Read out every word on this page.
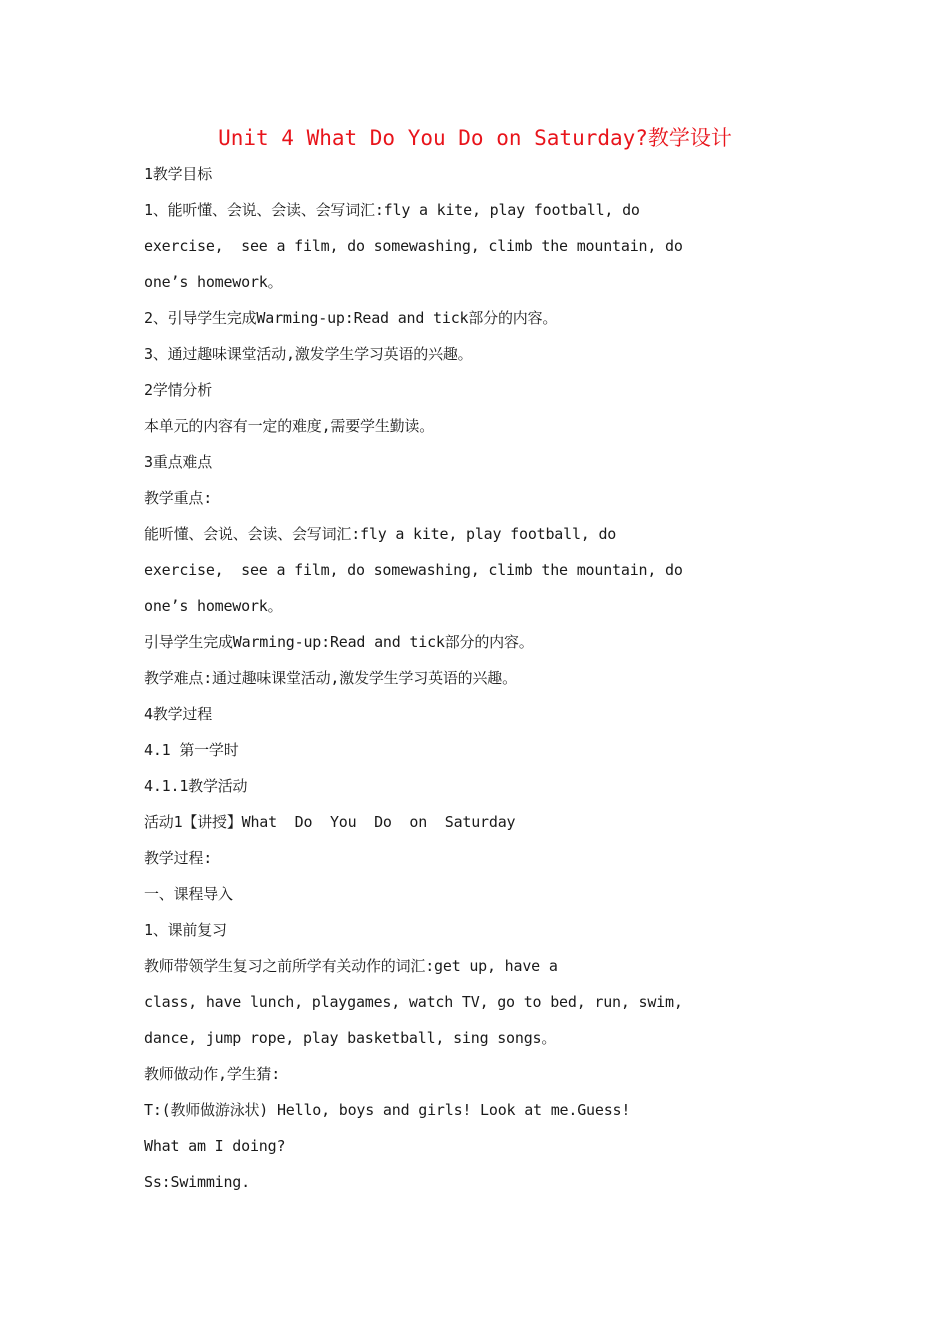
Unit 4 What Do You Do on Saturday?教学设计
1教学目标
1、能听懂、会说、会读、会写词汇:fly a kite, play football, do
exercise,  see a film, do somewashing, climb the mountain, do
one’s homework。
2、引导学生完成Warming-up:Read and tick部分的内容。
3、通过趣味课堂活动,激发学生学习英语的兴趣。
2学情分析
本单元的内容有一定的难度,需要学生勤读。
3重点难点
教学重点:
能听懂、会说、会读、会写词汇:fly a kite, play football, do
exercise,  see a film, do somewashing, climb the mountain, do
one’s homework。
引导学生完成Warming-up:Read and tick部分的内容。
教学难点:通过趣味课堂活动,激发学生学习英语的兴趣。
4教学过程
4.1 第一学时
4.1.1教学活动
活动1【讲授】What  Do  You  Do  on  Saturday
教学过程:
一、课程导入
1、课前复习
教师带领学生复习之前所学有关动作的词汇:get up, have a
class, have lunch, playgames, watch TV, go to bed, run, swim,
dance, jump rope, play basketball, sing songs。
教师做动作,学生猜:
T:(教师做游泳状) Hello, boys and girls! Look at me.Guess!
What am I doing?
Ss:Swimming.
